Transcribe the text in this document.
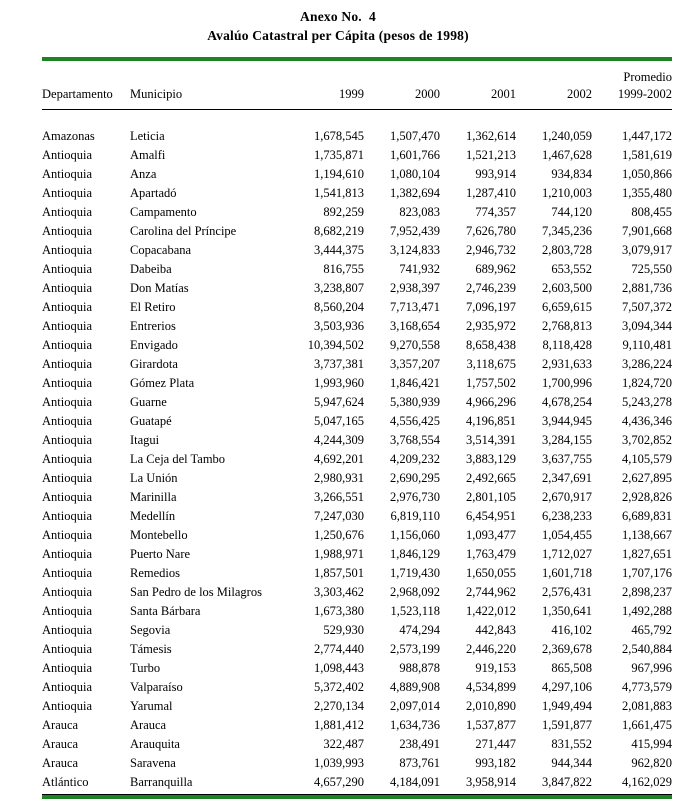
Anexo No.  4
Avalúo Catastral per Cápita (pesos de 1998)
						Promedio
Departamento	Municipio	1999	2000	2001	2002	1999-2002
Amazonas	Leticia	1,678,545	1,507,470	1,362,614	1,240,059	1,447,172
Antioquia	Amalfi	1,735,871	1,601,766	1,521,213	1,467,628	1,581,619
Antioquia	Anza	1,194,610	1,080,104	993,914	934,834	1,050,866
Antioquia	Apartadó	1,541,813	1,382,694	1,287,410	1,210,003	1,355,480
Antioquia	Campamento	892,259	823,083	774,357	744,120	808,455
Antioquia	Carolina del Príncipe	8,682,219	7,952,439	7,626,780	7,345,236	7,901,668
Antioquia	Copacabana	3,444,375	3,124,833	2,946,732	2,803,728	3,079,917
Antioquia	Dabeiba	816,755	741,932	689,962	653,552	725,550
Antioquia	Don Matías	3,238,807	2,938,397	2,746,239	2,603,500	2,881,736
Antioquia	El Retiro	8,560,204	7,713,471	7,096,197	6,659,615	7,507,372
Antioquia	Entrerios	3,503,936	3,168,654	2,935,972	2,768,813	3,094,344
Antioquia	Envigado	10,394,502	9,270,558	8,658,438	8,118,428	9,110,481
Antioquia	Girardota	3,737,381	3,357,207	3,118,675	2,931,633	3,286,224
Antioquia	Gómez Plata	1,993,960	1,846,421	1,757,502	1,700,996	1,824,720
Antioquia	Guarne	5,947,624	5,380,939	4,966,296	4,678,254	5,243,278
Antioquia	Guatapé	5,047,165	4,556,425	4,196,851	3,944,945	4,436,346
Antioquia	Itagui	4,244,309	3,768,554	3,514,391	3,284,155	3,702,852
Antioquia	La Ceja del Tambo	4,692,201	4,209,232	3,883,129	3,637,755	4,105,579
Antioquia	La Unión	2,980,931	2,690,295	2,492,665	2,347,691	2,627,895
Antioquia	Marinilla	3,266,551	2,976,730	2,801,105	2,670,917	2,928,826
Antioquia	Medellín	7,247,030	6,819,110	6,454,951	6,238,233	6,689,831
Antioquia	Montebello	1,250,676	1,156,060	1,093,477	1,054,455	1,138,667
Antioquia	Puerto Nare	1,988,971	1,846,129	1,763,479	1,712,027	1,827,651
Antioquia	Remedios	1,857,501	1,719,430	1,650,055	1,601,718	1,707,176
Antioquia	San Pedro de los Milagros	3,303,462	2,968,092	2,744,962	2,576,431	2,898,237
Antioquia	Santa Bárbara	1,673,380	1,523,118	1,422,012	1,350,641	1,492,288
Antioquia	Segovia	529,930	474,294	442,843	416,102	465,792
Antioquia	Támesis	2,774,440	2,573,199	2,446,220	2,369,678	2,540,884
Antioquia	Turbo	1,098,443	988,878	919,153	865,508	967,996
Antioquia	Valparaíso	5,372,402	4,889,908	4,534,899	4,297,106	4,773,579
Antioquia	Yarumal	2,270,134	2,097,014	2,010,890	1,949,494	2,081,883
Arauca	Arauca	1,881,412	1,634,736	1,537,877	1,591,877	1,661,475
Arauca	Arauquita	322,487	238,491	271,447	831,552	415,994
Arauca	Saravena	1,039,993	873,761	993,182	944,344	962,820
Atlántico	Barranquilla	4,657,290	4,184,091	3,958,914	3,847,822	4,162,029
